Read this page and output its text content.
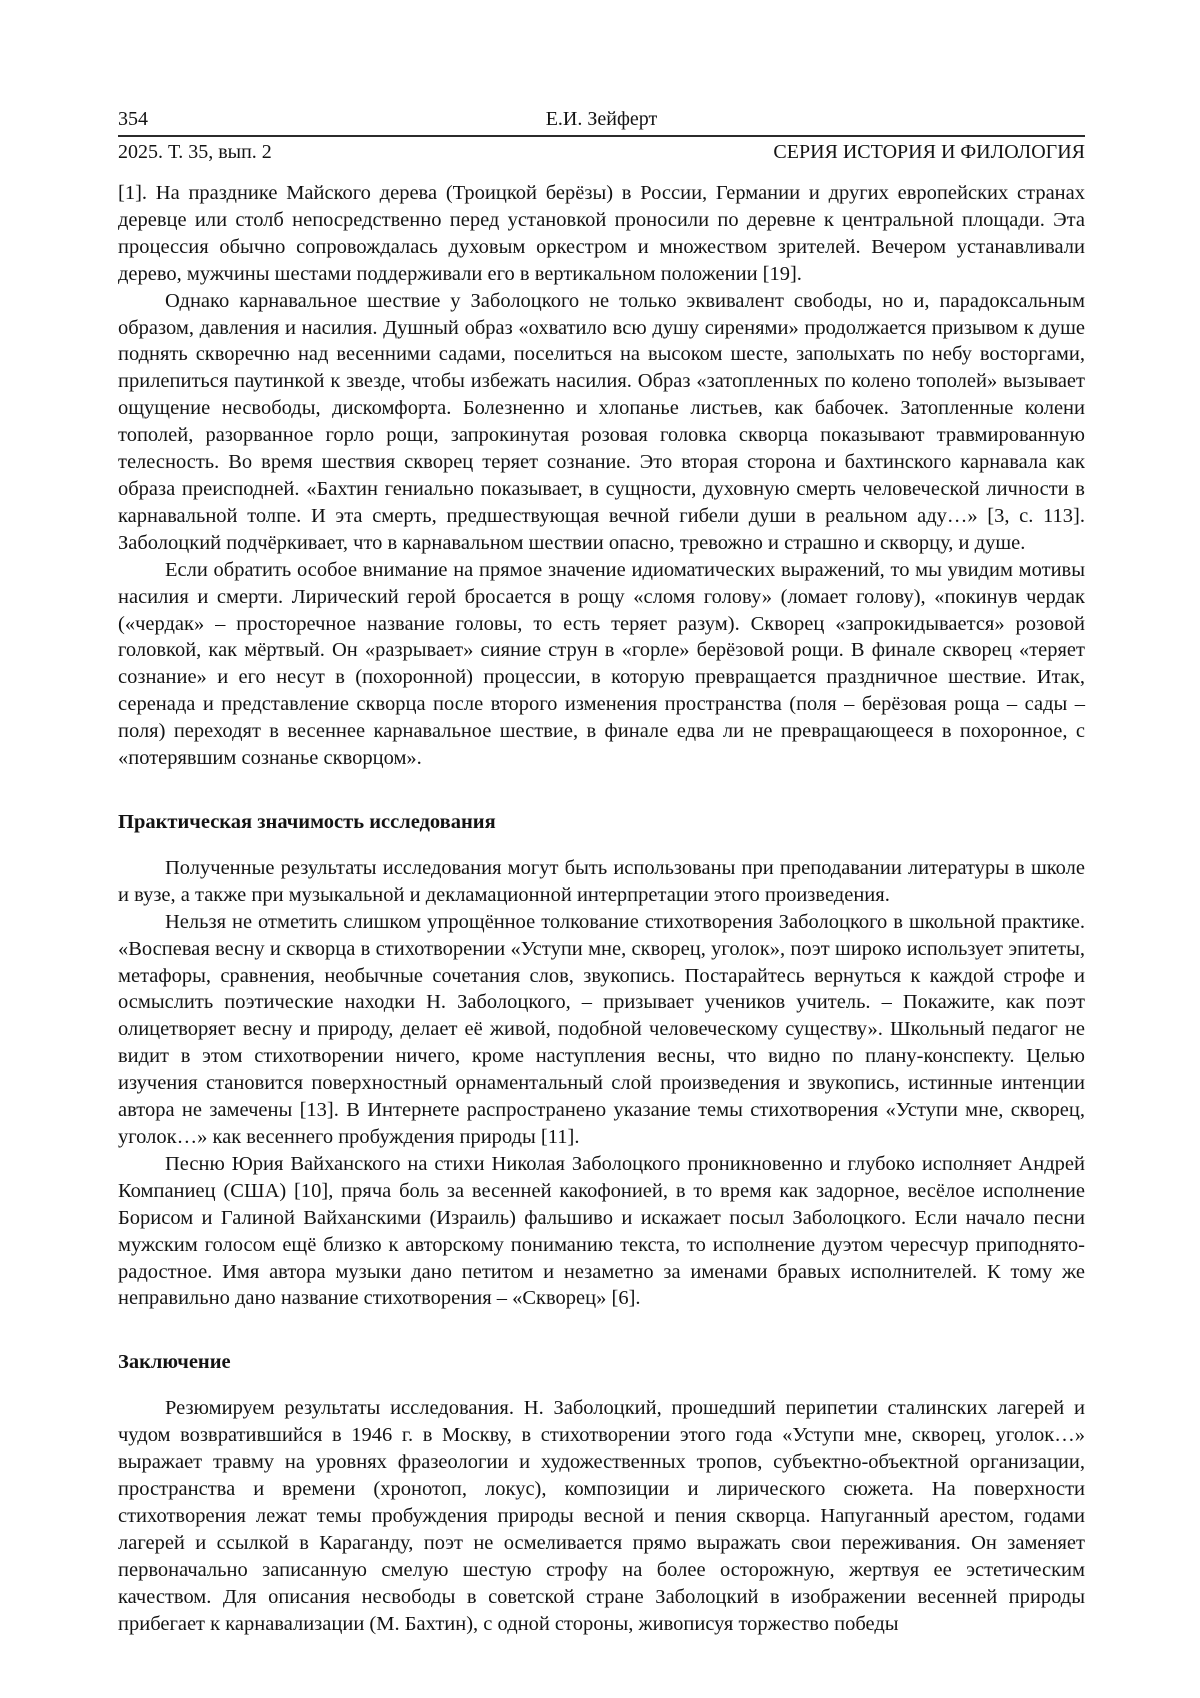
354	Е.И. Зейферт
2025. Т. 35, вып. 2	СЕРИЯ ИСТОРИЯ И ФИЛОЛОГИЯ

[1]. На празднике Майского дерева (Троицкой берёзы) в России, Германии и других европейских странах деревце или столб непосредственно перед установкой проносили по деревне к центральной площади. Эта процессия обычно сопровождалась духовым оркестром и множеством зрителей. Вечером устанавливали дерево, мужчины шестами поддерживали его в вертикальном положении [19].

Однако карнавальное шествие у Заболоцкого не только эквивалент свободы, но и, парадоксальным образом, давления и насилия. Душный образ «охватило всю душу сиренями» продолжается призывом к душе поднять скворечню над весенними садами, поселиться на высоком шесте, заполыхать по небу восторгами, прилепиться паутинкой к звезде, чтобы избежать насилия. Образ «затопленных по колено тополей» вызывает ощущение несвободы, дискомфорта. Болезненно и хлопанье листьев, как бабочек. Затопленные колени тополей, разорванное горло рощи, запрокинутая розовая головка скворца показывают травмированную телесность. Во время шествия скворец теряет сознание. Это вторая сторона и бахтинского карнавала как образа преисподней. «Бахтин гениально показывает, в сущности, духовную смерть человеческой личности в карнавальной толпе. И эта смерть, предшествующая вечной гибели души в реальном аду…» [3, с. 113]. Заболоцкий подчёркивает, что в карнавальном шествии опасно, тревожно и страшно и скворцу, и душе.

Если обратить особое внимание на прямое значение идиоматических выражений, то мы увидим мотивы насилия и смерти. Лирический герой бросается в рощу «сломя голову» (ломает голову), «покинув чердак («чердак» – просторечное название головы, то есть теряет разум). Скворец «запрокидывается» розовой головкой, как мёртвый. Он «разрывает» сияние струн в «горле» берёзовой рощи. В финале скворец «теряет сознание» и его несут в (похоронной) процессии, в которую превращается праздничное шествие. Итак, серенада и представление скворца после второго изменения пространства (поля – берёзовая роща – сады – поля) переходят в весеннее карнавальное шествие, в финале едва ли не превращающееся в похоронное, с «потерявшим сознанье скворцом».

Практическая значимость исследования

Полученные результаты исследования могут быть использованы при преподавании литературы в школе и вузе, а также при музыкальной и декламационной интерпретации этого произведения.

Нельзя не отметить слишком упрощённое толкование стихотворения Заболоцкого в школьной практике. «Воспевая весну и скворца в стихотворении «Уступи мне, скворец, уголок», поэт широко использует эпитеты, метафоры, сравнения, необычные сочетания слов, звукопись. Постарайтесь вернуться к каждой строфе и осмыслить поэтические находки Н. Заболоцкого, – призывает учеников учитель. – Покажите, как поэт олицетворяет весну и природу, делает её живой, подобной человеческому существу». Школьный педагог не видит в этом стихотворении ничего, кроме наступления весны, что видно по плану-конспекту. Целью изучения становится поверхностный орнаментальный слой произведения и звукопись, истинные интенции автора не замечены [13]. В Интернете распространено указание темы стихотворения «Уступи мне, скворец, уголок…» как весеннего пробуждения природы [11].

Песню Юрия Вайханского на стихи Николая Заболоцкого проникновенно и глубоко исполняет Андрей Компаниец (США) [10], пряча боль за весенней какофонией, в то время как задорное, весёлое исполнение Борисом и Галиной Вайханскими (Израиль) фальшиво и искажает посыл Заболоцкого. Если начало песни мужским голосом ещё близко к авторскому пониманию текста, то исполнение дуэтом чересчур приподнято-радостное. Имя автора музыки дано петитом и незаметно за именами бравых исполнителей. К тому же неправильно дано название стихотворения – «Скворец» [6].

Заключение

Резюмируем результаты исследования. Н. Заболоцкий, прошедший перипетии сталинских лагерей и чудом возвратившийся в 1946 г. в Москву, в стихотворении этого года «Уступи мне, скворец, уголок…» выражает травму на уровнях фразеологии и художественных тропов, субъектно-объектной организации, пространства и времени (хронотоп, локус), композиции и лирического сюжета. На поверхности стихотворения лежат темы пробуждения природы весной и пения скворца. Напуганный арестом, годами лагерей и ссылкой в Караганду, поэт не осмеливается прямо выражать свои переживания. Он заменяет первоначально записанную смелую шестую строфу на более осторожную, жертвуя ее эстетическим качеством. Для описания несвободы в советской стране Заболоцкий в изображении весенней природы прибегает к карнавализации (М. Бахтин), с одной стороны, живописуя торжество победы
